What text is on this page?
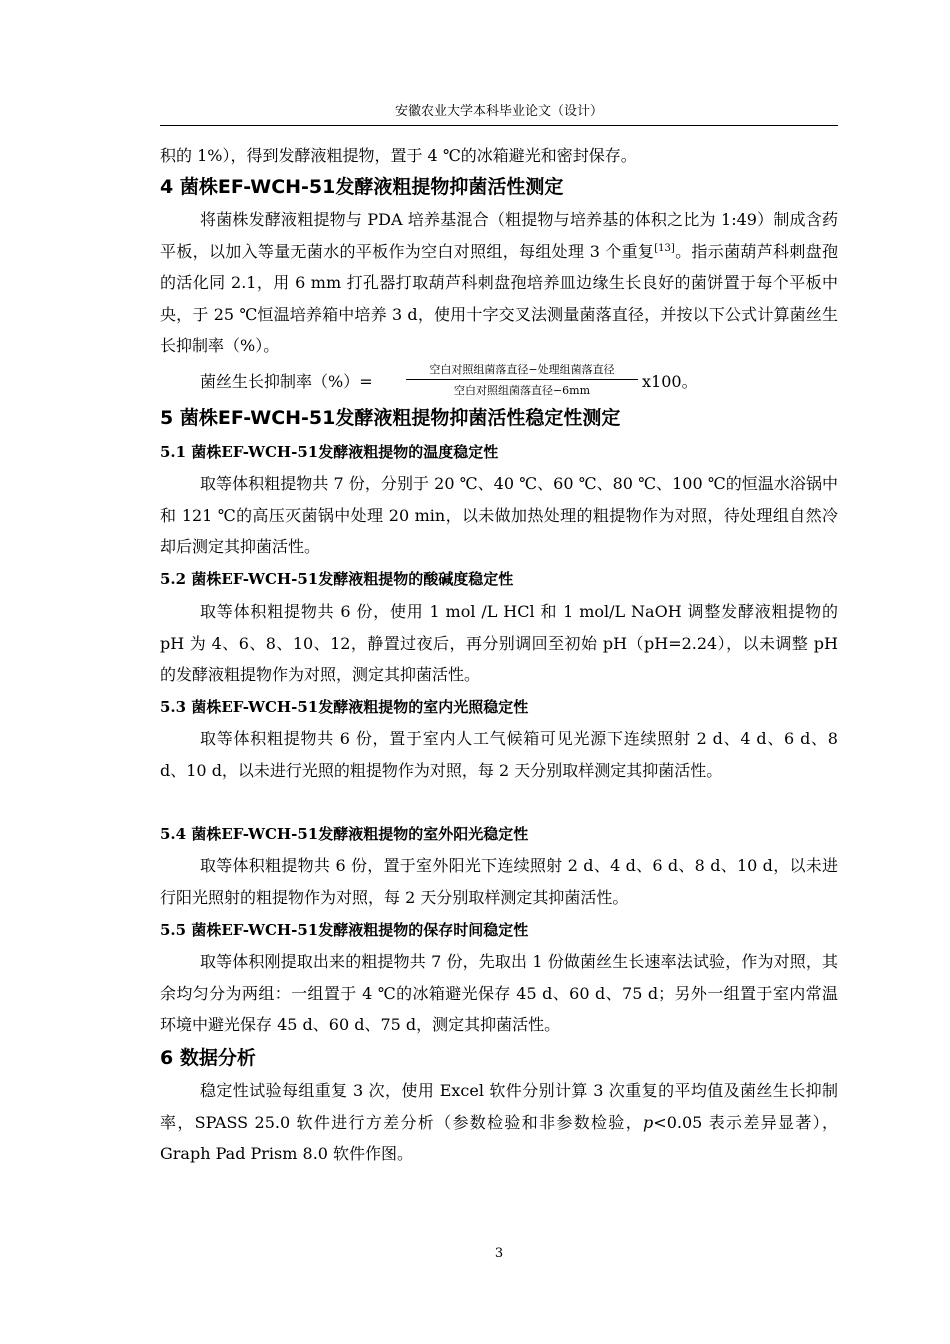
安徽农业大学本科毕业论文（设计）

积的 1%），得到发酵液粗提物，置于 4 ℃的冰箱避光和密封保存。

4 菌株EF-WCH-51发酵液粗提物抑菌活性测定

将菌株发酵液粗提物与 PDA 培养基混合（粗提物与培养基的体积之比为 1:49）制成含药平板，以加入等量无菌水的平板作为空白对照组，每组处理 3 个重复[13]。指示菌葫芦科刺盘孢的活化同 2.1，用 6 mm 打孔器打取葫芦科刺盘孢培养皿边缘生长良好的菌饼置于每个平板中央，于 25 ℃恒温培养箱中培养 3 d，使用十字交叉法测量菌落直径，并按以下公式计算菌丝生长抑制率（%）。

菌丝生长抑制率（%）=
空白对照组菌落直径−处理组菌落直径
空白对照组菌落直径−6mm	x100。
5 菌株EF-WCH-51发酵液粗提物抑菌活性稳定性测定
5.1 菌株EF-WCH-51发酵液粗提物的温度稳定性

取等体积粗提物共 7 份，分别于 20 ℃、40 ℃、60 ℃、80 ℃、100 ℃的恒温水浴锅中和 121 ℃的高压灭菌锅中处理 20 min，以未做加热处理的粗提物作为对照，待处理组自然冷却后测定其抑菌活性。

5.2 菌株EF-WCH-51发酵液粗提物的酸碱度稳定性

取等体积粗提物共 6 份，使用 1 mol /L HCl 和 1 mol/L NaOH 调整发酵液粗提物的 pH 为 4、6、8、10、12，静置过夜后，再分别调回至初始 pH（pH=2.24），以未调整 pH 的发酵液粗提物作为对照，测定其抑菌活性。

5.3 菌株EF-WCH-51发酵液粗提物的室内光照稳定性

取等体积粗提物共 6 份，置于室内人工气候箱可见光源下连续照射 2 d、4 d、6 d、8 d、10 d，以未进行光照的粗提物作为对照，每 2 天分别取样测定其抑菌活性。

5.4 菌株EF-WCH-51发酵液粗提物的室外阳光稳定性

取等体积粗提物共 6 份，置于室外阳光下连续照射 2 d、4 d、6 d、8 d、10 d，以未进行阳光照射的粗提物作为对照，每 2 天分别取样测定其抑菌活性。

5.5 菌株EF-WCH-51发酵液粗提物的保存时间稳定性

取等体积刚提取出来的粗提物共 7 份，先取出 1 份做菌丝生长速率法试验，作为对照，其余均匀分为两组：一组置于 4 ℃的冰箱避光保存 45 d、60 d、75 d；另外一组置于室内常温环境中避光保存 45 d、60 d、75 d，测定其抑菌活性。

6 数据分析

稳定性试验每组重复 3 次，使用 Excel 软件分别计算 3 次重复的平均值及菌丝生长抑制率，SPASS 25.0 软件进行方差分析（参数检验和非参数检验，p<0.05 表示差异显著），Graph Pad Prism 8.0 软件作图。

3
